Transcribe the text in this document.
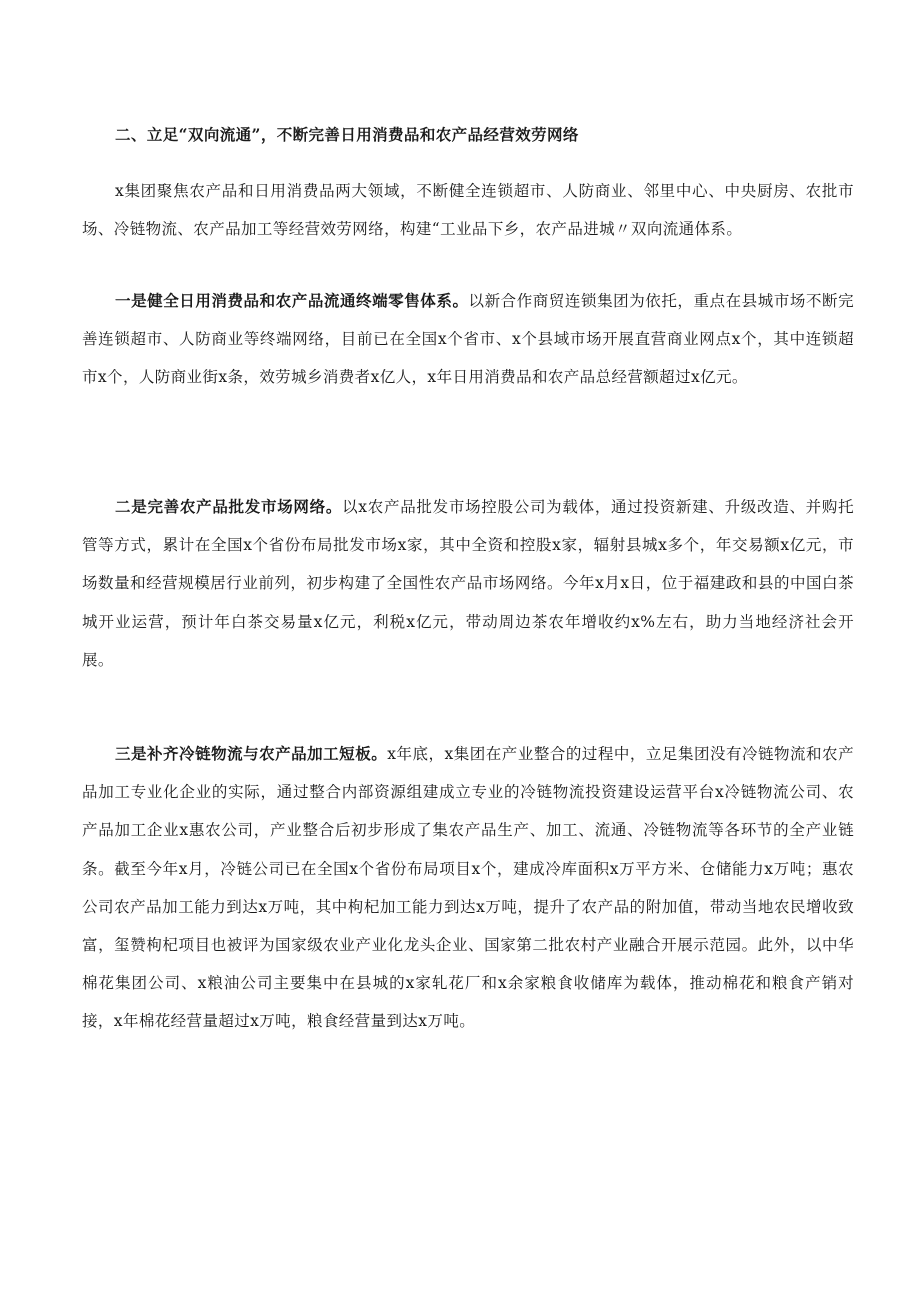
二、立足“双向流通”，不断完善日用消费品和农产品经营效劳网络

x集团聚焦农产品和日用消费品两大领域，不断健全连锁超市、人防商业、邻里中心、中央厨房、农批市场、冷链物流、农产品加工等经营效劳网络，构建“工业品下乡，农产品进城〃双向流通体系。

一是健全日用消费品和农产品流通终端零售体系。以新合作商贸连锁集团为依托，重点在县城市场不断完善连锁超市、人防商业等终端网络，目前已在全国x个省市、x个县域市场开展直营商业网点x个，其中连锁超市x个，人防商业街x条，效劳城乡消费者x亿人，x年日用消费品和农产品总经营额超过x亿元。

二是完善农产品批发市场网络。以x农产品批发市场控股公司为载体，通过投资新建、升级改造、并购托管等方式，累计在全国x个省份布局批发市场x家，其中全资和控股x家，辐射县城x多个，年交易额x亿元，市场数量和经营规模居行业前列，初步构建了全国性农产品市场网络。今年x月x日，位于福建政和县的中国白茶城开业运营，预计年白茶交易量x亿元，利税x亿元，带动周边茶农年增收约x%左右，助力当地经济社会开展。

三是补齐冷链物流与农产品加工短板。x年底，x集团在产业整合的过程中，立足集团没有冷链物流和农产品加工专业化企业的实际，通过整合内部资源组建成立专业的冷链物流投资建设运营平台x冷链物流公司、农产品加工企业x惠农公司，产业整合后初步形成了集农产品生产、加工、流通、冷链物流等各环节的全产业链条。截至今年x月，冷链公司已在全国x个省份布局项目x个，建成冷库面积x万平方米、仓储能力x万吨；惠农公司农产品加工能力到达x万吨，其中枸杞加工能力到达x万吨，提升了农产品的附加值，带动当地农民增收致富，玺赞枸杞项目也被评为国家级农业产业化龙头企业、国家第二批农村产业融合开展示范园。此外，以中华棉花集团公司、x粮油公司主要集中在县城的x家轧花厂和x余家粮食收储库为载体，推动棉花和粮食产销对接，x年棉花经营量超过x万吨，粮食经营量到达x万吨。
